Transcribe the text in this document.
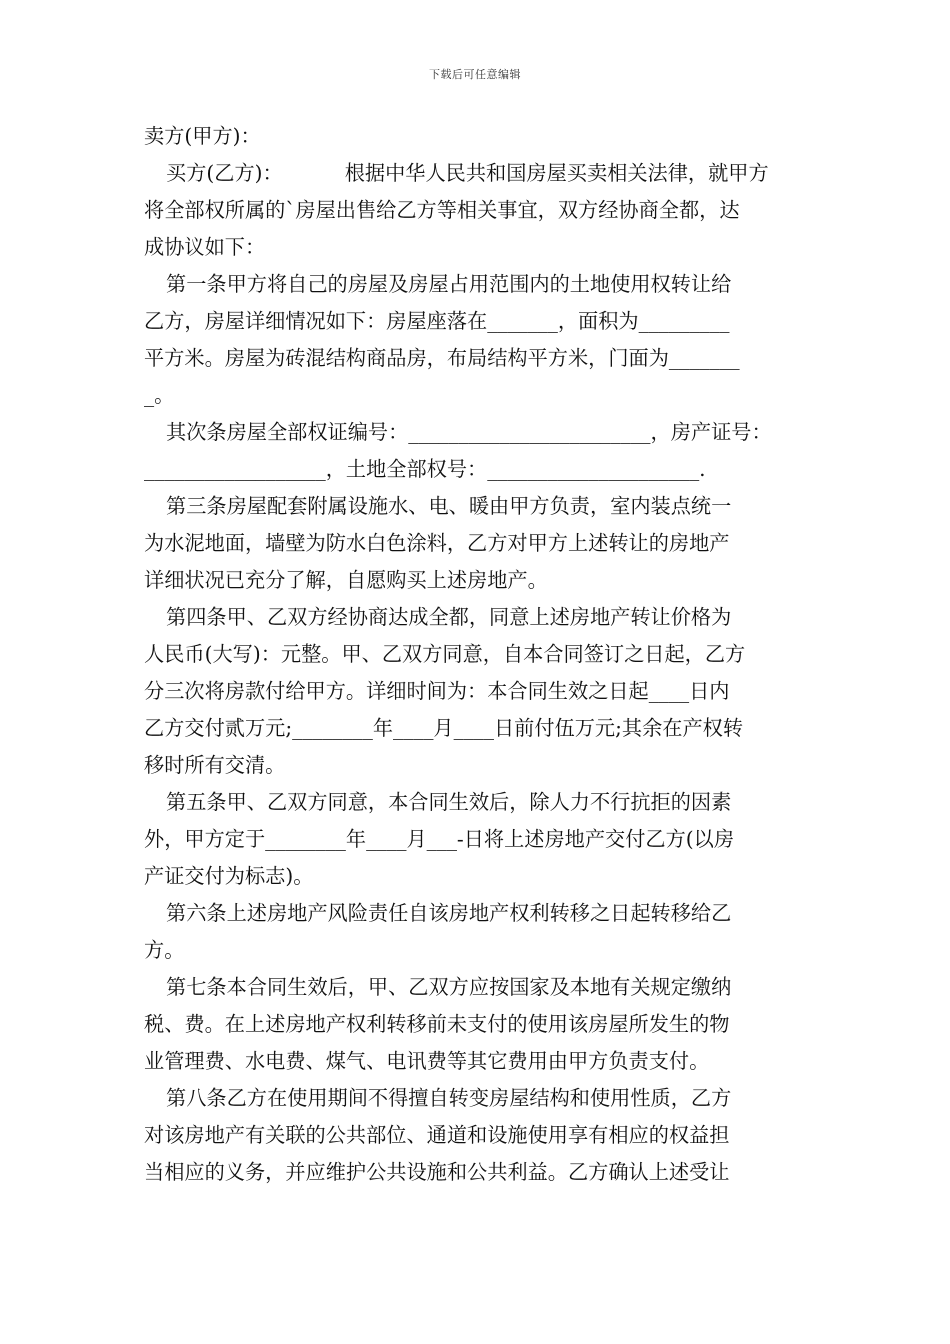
下载后可任意编辑
卖方(甲方)：
买方(乙方)：	根据中华人民共和国房屋买卖相关法律，就甲方
将全部权所属的`房屋出售给乙方等相关事宜，双方经协商全都，达
成协议如下：
第一条甲方将自己的房屋及房屋占用范围内的土地使用权转让给
乙方，房屋详细情况如下：房屋座落在_______，面积为_________
平方米。房屋为砖混结构商品房，布局结构平方米，门面为_______
_。
其次条房屋全部权证编号：________________________，房产证号：
__________________，土地全部权号：_____________________.
第三条房屋配套附属设施水、电、暖由甲方负责，室内装点统一
为水泥地面，墙壁为防水白色涂料，乙方对甲方上述转让的房地产
详细状况已充分了解，自愿购买上述房地产。
第四条甲、乙双方经协商达成全都，同意上述房地产转让价格为
人民币(大写)：元整。甲、乙双方同意，自本合同签订之日起，乙方
分三次将房款付给甲方。详细时间为：本合同生效之日起____日内
乙方交付贰万元;________年____月____日前付伍万元;其余在产权转
移时所有交清。
第五条甲、乙双方同意，本合同生效后，除人力不行抗拒的因素
外，甲方定于________年____月___-日将上述房地产交付乙方(以房
产证交付为标志)。
第六条上述房地产风险责任自该房地产权利转移之日起转移给乙
方。
第七条本合同生效后，甲、乙双方应按国家及本地有关规定缴纳
税、费。在上述房地产权利转移前未支付的使用该房屋所发生的物
业管理费、水电费、煤气、电讯费等其它费用由甲方负责支付。
第八条乙方在使用期间不得擅自转变房屋结构和使用性质，乙方
对该房地产有关联的公共部位、通道和设施使用享有相应的权益担
当相应的义务，并应维护公共设施和公共利益。乙方确认上述受让
